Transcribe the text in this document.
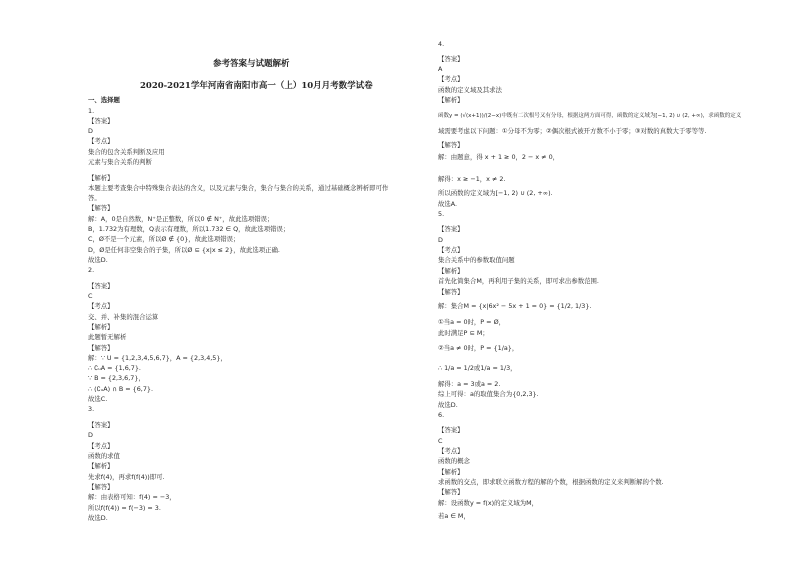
参考答案与试题解析
2020-2021学年河南省南阳市高一（上）10月月考数学试卷
一、选择题
1.
【答案】
D
【考点】
集合的包含关系判断及应用
元素与集合关系的判断
【解析】
本题主要考查集合中特殊集合表达的含义，以及元素与集合，集合与集合的关系，通过基础概念辨析即可作
答。
【解答】
解：A，0是自然数，N⁺是正整数，所以0 ∉ N⁺，故此选项错误；
B，1.732为有理数，Q表示有理数，所以1.732 ∈ Q，故此选项错误；
C，Ø不是一个元素，所以Ø ∉ {0}，故此选项错误；
D，Ø是任何非空集合的子集，所以Ø ⊆ {x|x ≤ 2}，故此选项正确.
故选D.
2.
【答案】
C
【考点】
交、并、补集的混合运算
【解析】
此题暂无解析
【解答】
解：∵ U = {1,2,3,4,5,6,7}，A = {2,3,4,5}，
∴ ∁ᵤA = {1,6,7}.
∵ B = {2,3,6,7}，
∴ (∁ᵤA) ∩ B = {6,7}.
故选C.
3.
【答案】
D
【考点】
函数的求值
【解析】
先求f(4)，再求f(f(4))即可.
【解答】
解：由表格可知：f(4) = −3，
所以f(f(4)) = f(−3) = 3.
故选D.
4.
【答案】
A
【考点】
函数的定义域及其求法
【解析】
函数y = (√(x+1))/(2−x)中既有二次根号又有分母，根据这两方面可得，函数的定义域为[−1, 2) ∪ (2, +∞)，求函数的定义
域需要考虑以下问题：①分母不为零；②偶次根式被开方数不小于零；③对数的真数大于零等等.
【解答】
解：由题意，得 x + 1 ≥ 0，2 − x ≠ 0，
解得：x ≥ −1，x ≠ 2.
所以函数的定义域为[−1, 2) ∪ (2, +∞).
故选A.
5.
【答案】
D
【考点】
集合关系中的参数取值问题
【解析】
首先化简集合M，再利用子集的关系，即可求出参数范围.
【解答】
解：集合M = {x|6x² − 5x + 1 = 0} = {1/2, 1/3}.
①当a = 0时，P = Ø，
此时满足P ⊆ M；
②当a ≠ 0时，P = {1/a}，
∴ 1/a = 1/2或1/a = 1/3，
解得：a = 3或a = 2.
综上可得：a的取值集合为{0,2,3}.
故选D.
6.
【答案】
C
【考点】
函数的概念
【解析】
求函数的交点，即求联立函数方程的解的个数，根据函数的定义来判断解的个数.
【解答】
解：设函数y = f(x)的定义域为M，
若a ∈ M，
